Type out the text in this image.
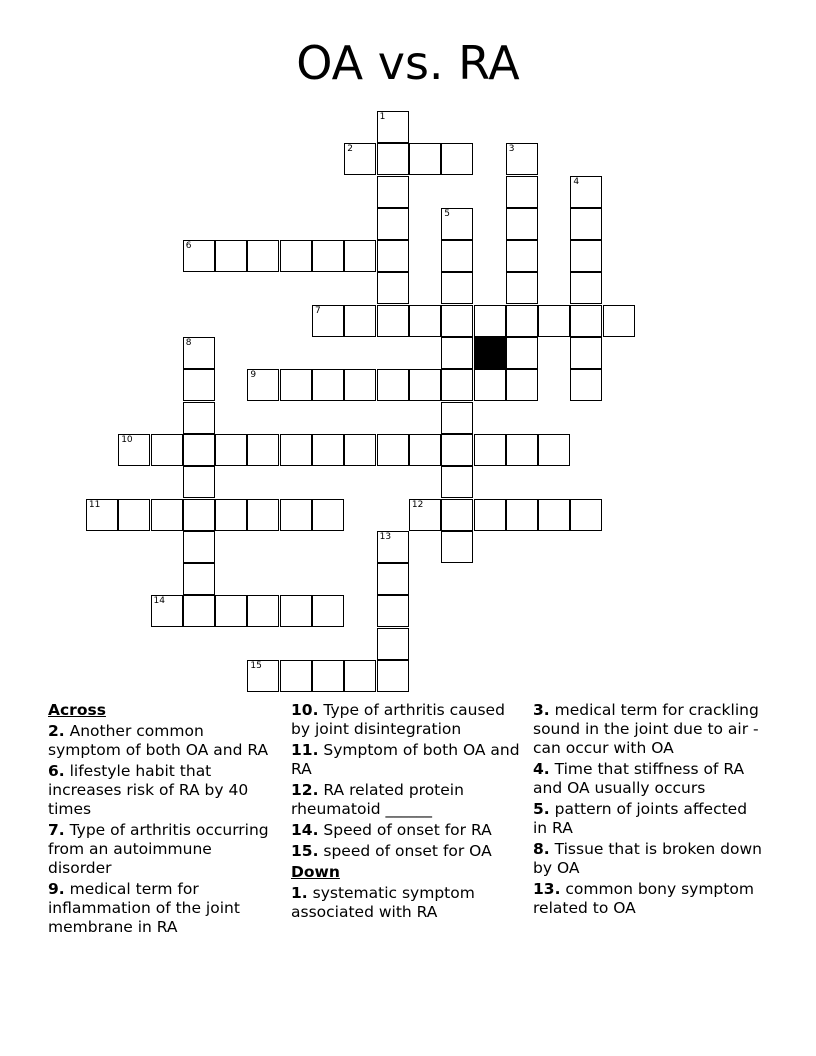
OA vs. RA
1
2	3
4
5
6
7
8
9
10
11	12
13
14
15
Across

2. Another common symptom of both OA and RA

6. lifestyle habit that increases risk of RA by 40 times

7. Type of arthritis occurring from an autoimmune disorder

9. medical term for inflammation of the joint membrane in RA

10. Type of arthritis caused by joint disintegration

11. Symptom of both OA and RA

12. RA related protein rheumatoid ______

14. Speed of onset for RA

15. speed of onset for OA

Down

1. systematic symptom associated with RA

3. medical term for crackling sound in the joint due to air - can occur with OA

4. Time that stiffness of RA and OA usually occurs

5. pattern of joints affected in RA

8. Tissue that is broken down by OA

13. common bony symptom related to OA
